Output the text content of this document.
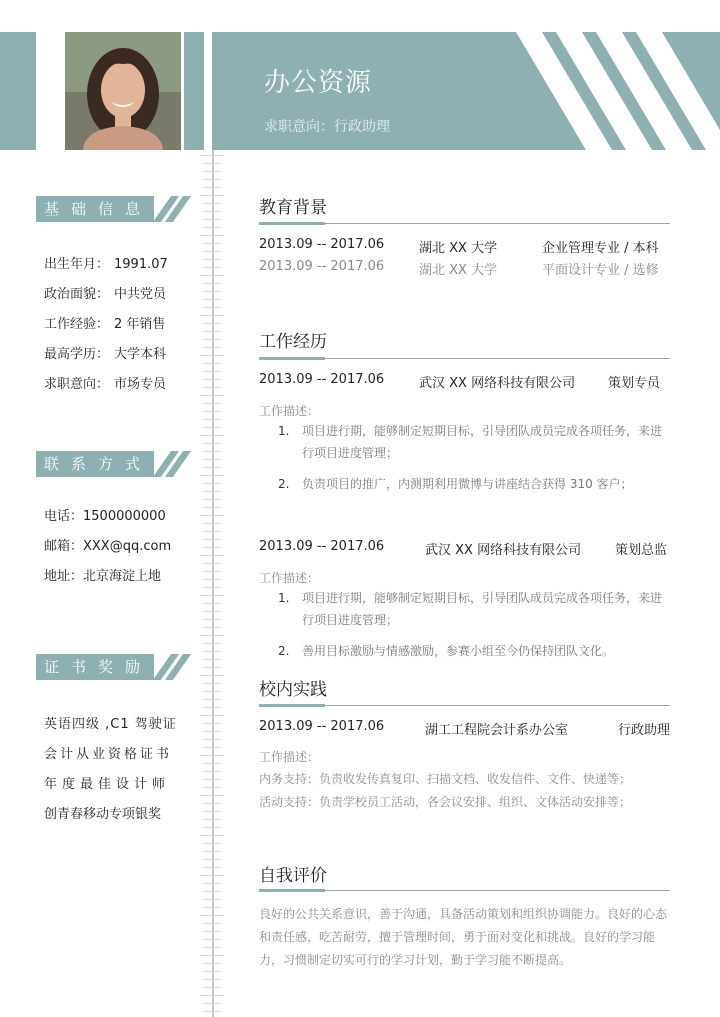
办公资源
求职意向：行政助理
基础信息
出生年月： 1991.07
政治面貌： 中共党员
工作经验： 2 年销售
最高学历： 大学本科
求职意向： 市场专员
联系方式
电话：1500000000
邮箱：XXX@qq.com
地址：北京海淀上地
证书奖励
英语四级 ,C1 驾驶证
会计从业资格证书
年度最佳设计师
创青春移动专项银奖
教育背景
2013.09 -- 2017.06	湖北 XX 大学	企业管理专业 / 本科
2013.09 -- 2017.06	湖北 XX 大学	平面设计专业 / 选修
工作经历
2013.09 -- 2017.06	武汉 XX 网络科技有限公司	策划专员
工作描述：
1. 项目进行期，能够制定短期目标，引导团队成员完成各项任务，来进行项目进度管理；
2. 负责项目的推广，内测期利用微博与讲座结合获得 310 客户；
2013.09 -- 2017.06	武汉 XX 网络科技有限公司	策划总监
工作描述：
1. 项目进行期，能够制定短期目标，引导团队成员完成各项任务，来进行项目进度管理；
2. 善用目标激励与情感激励，参赛小组至今仍保持团队文化。
校内实践
2013.09 -- 2017.06	湖工工程院会计系办公室	行政助理
工作描述：
内务支持：负责收发传真复印、扫描文档、收发信件、文件、快递等；
活动支持：负责学校员工活动，各会议安排、组织、文体活动安排等；
自我评价
良好的公共关系意识，善于沟通，具备活动策划和组织协调能力。良好的心态和责任感，吃苦耐劳，擅于管理时间，勇于面对变化和挑战。良好的学习能力，习惯制定切实可行的学习计划，勤于学习能不断提高。
